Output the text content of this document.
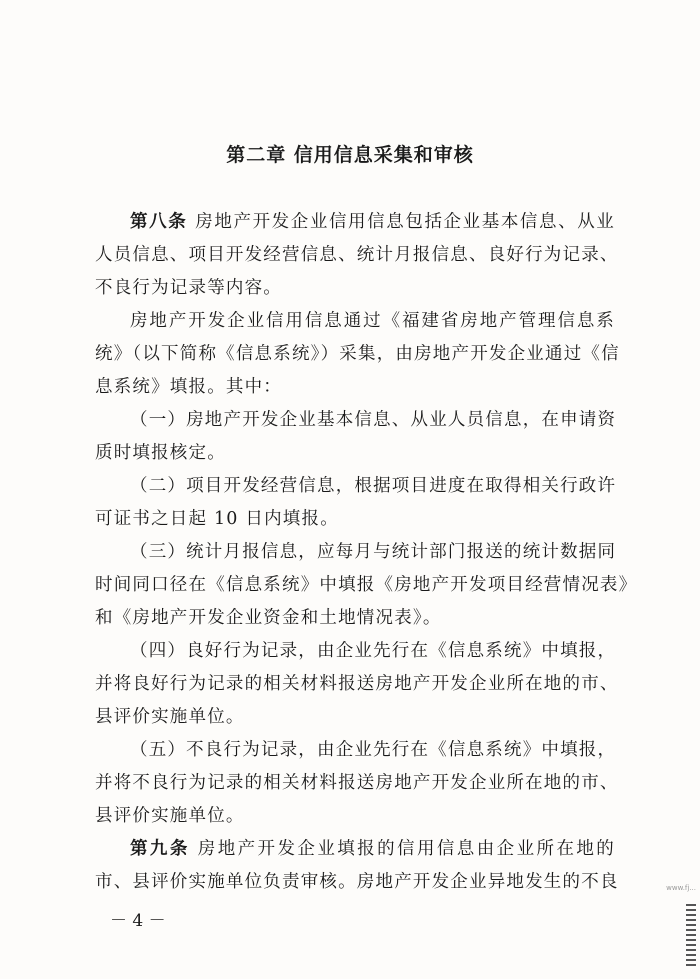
第二章 信用信息采集和审核
第八条 房地产开发企业信用信息包括企业基本信息、从业
人员信息、项目开发经营信息、统计月报信息、良好行为记录、
不良行为记录等内容。
房地产开发企业信用信息通过《福建省房地产管理信息系
统》（以下简称《信息系统》）采集，由房地产开发企业通过《信
息系统》填报。其中：
（一）房地产开发企业基本信息、从业人员信息，在申请资
质时填报核定。
（二）项目开发经营信息，根据项目进度在取得相关行政许
可证书之日起 10 日内填报。
（三）统计月报信息，应每月与统计部门报送的统计数据同
时间同口径在《信息系统》中填报《房地产开发项目经营情况表》
和《房地产开发企业资金和土地情况表》。
（四）良好行为记录，由企业先行在《信息系统》中填报，
并将良好行为记录的相关材料报送房地产开发企业所在地的市、
县评价实施单位。
（五）不良行为记录，由企业先行在《信息系统》中填报，
并将不良行为记录的相关材料报送房地产开发企业所在地的市、
县评价实施单位。
第九条 房地产开发企业填报的信用信息由企业所在地的
市、县评价实施单位负责审核。房地产开发企业异地发生的不良
－ 4 －
www.fj...
